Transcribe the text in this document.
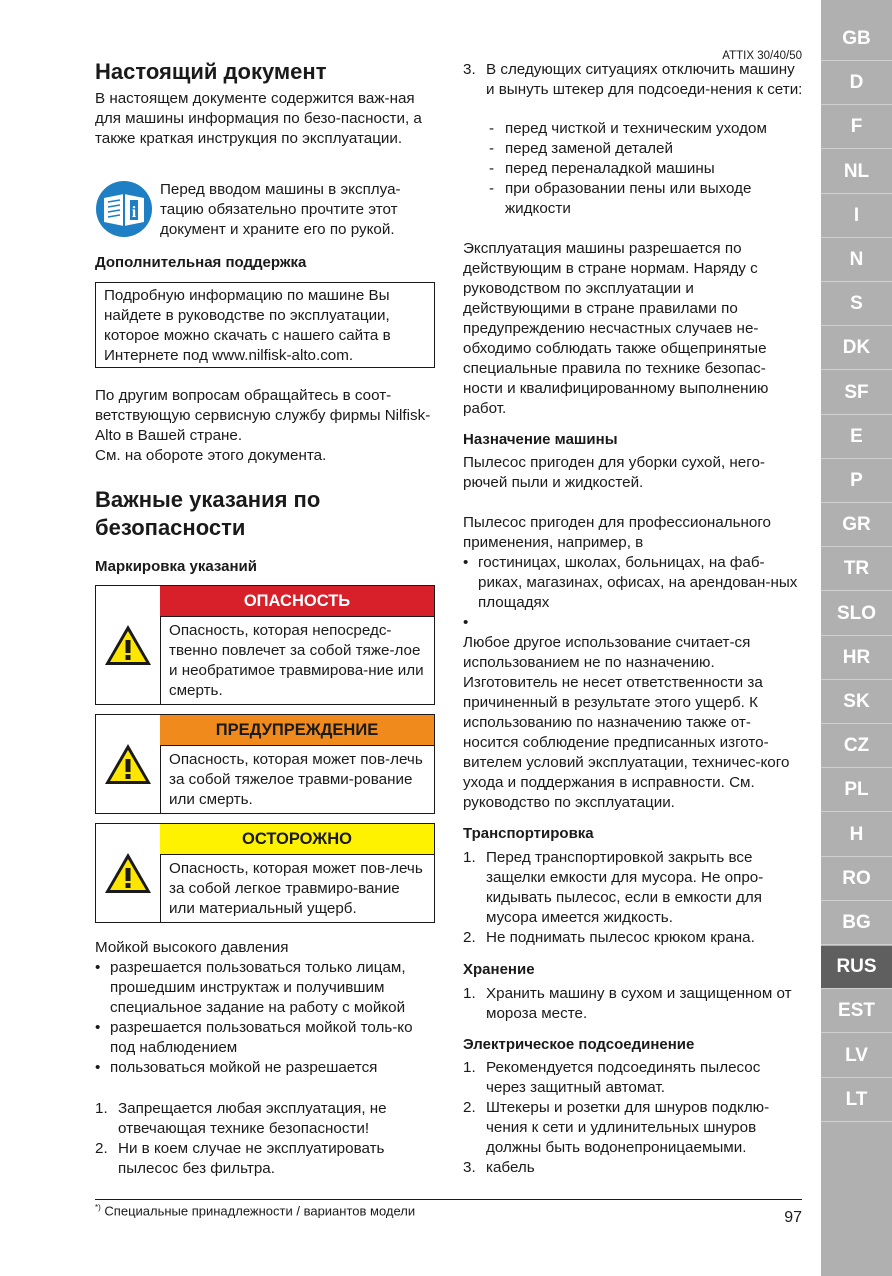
ATTIX 30/40/50
GB
D
F
NL
I
N
S
DK
SF
E
P
GR
TR
SLO
HR
SK
CZ
PL
H
RO
BG
RUS
EST
LV
LT
Настоящий документ

В настоящем документе содержится важ-ная для машины информация по безо-пасности, а также краткая инструкция по эксплуатации.

i

Перед вводом машины в эксплуа-тацию обязательно прочтите этот документ и храните его по рукой.

Дополнительная поддержка

Подробную информацию по машине Вы найдете в руководстве по эксплуатации, которое можно скачать с нашего сайта в Интернете под www.nilfisk-alto.com.

По другим вопросам обращайтесь в соот-ветствующую сервисную службу фирмы Nilfisk-Alto в Вашей стране.

См. на обороте этого документа.

Важные указания по
безопасности
Маркировка указаний
ОПАСНОСТЬ
Опасность, которая непосредс-твенно повлечет за собой тяже-лое и необратимое травмирова-ние или смерть.
ПРЕДУПРЕЖДЕНИЕ
Опасность, которая может пов-лечь за собой тяжелое травми-рование или смерть.
ОСТОРОЖНО
Опасность, которая может пов-лечь за собой легкое травмиро-вание или материальный ущерб.

Мойкой высокого давления

• разрешается пользоваться только лицам, прошедшим инструктаж и получившим специальное задание на работу с мойкой
• разрешается пользоваться мойкой толь-ко под наблюдением
• пользоваться мойкой не разрешается
1. Запрещается любая эксплуатация, не отвечающая технике безопасности!
2. Ни в коем случае не эксплуатировать пылесос без фильтра.
3. В следующих ситуациях отключить машину и вынуть штекер для подсоеди-нения к сети:
- перед чисткой и техническим уходом
- перед заменой деталей
- перед переналадкой машины
- при образовании пены или выходе жидкости

Эксплуатация машины разрешается по действующим в стране нормам. Наряду с руководством по эксплуатации и действующими в стране правилами по предупреждению несчастных случаев не-обходимо соблюдать также общепринятые специальные правила по технике безопас-ности и квалифицированному выполнению работ.

Назначение машины

Пылесос пригоден для уборки сухой, него-рючей пыли и жидкостей.

Пылесос пригоден для профессионального применения, например, в

• гостиницах, школах, больницах, на фаб-риках, магазинах, офисах, на арендован-ных площадях
•

Любое другое использование считает-ся использованием не по назначению. Изготовитель не несет ответственности за причиненный в результате этого ущерб. К использованию по назначению также от-носится соблюдение предписанных изгото-вителем условий эксплуатации, техничес-кого ухода и поддержания в исправности. См. руководство по эксплуатации.

Транспортировка
1. Перед транспортировкой закрыть все защелки емкости для мусора. Не опро-кидывать пылесос, если в емкости для мусора имеется жидкость.
2. Не поднимать пылесос крюком крана.
Хранение
1. Хранить машину в сухом и защищенном от мороза месте.
Электрическое подсоединение
1. Рекомендуется подсоединять пылесос через защитный автомат.
2. Штекеры и розетки для шнуров подклю-чения к сети и удлинительных шнуров должны быть водонепроницаемыми.
3. кабель
*) Специальные принадлежности / вариантов модели	97
